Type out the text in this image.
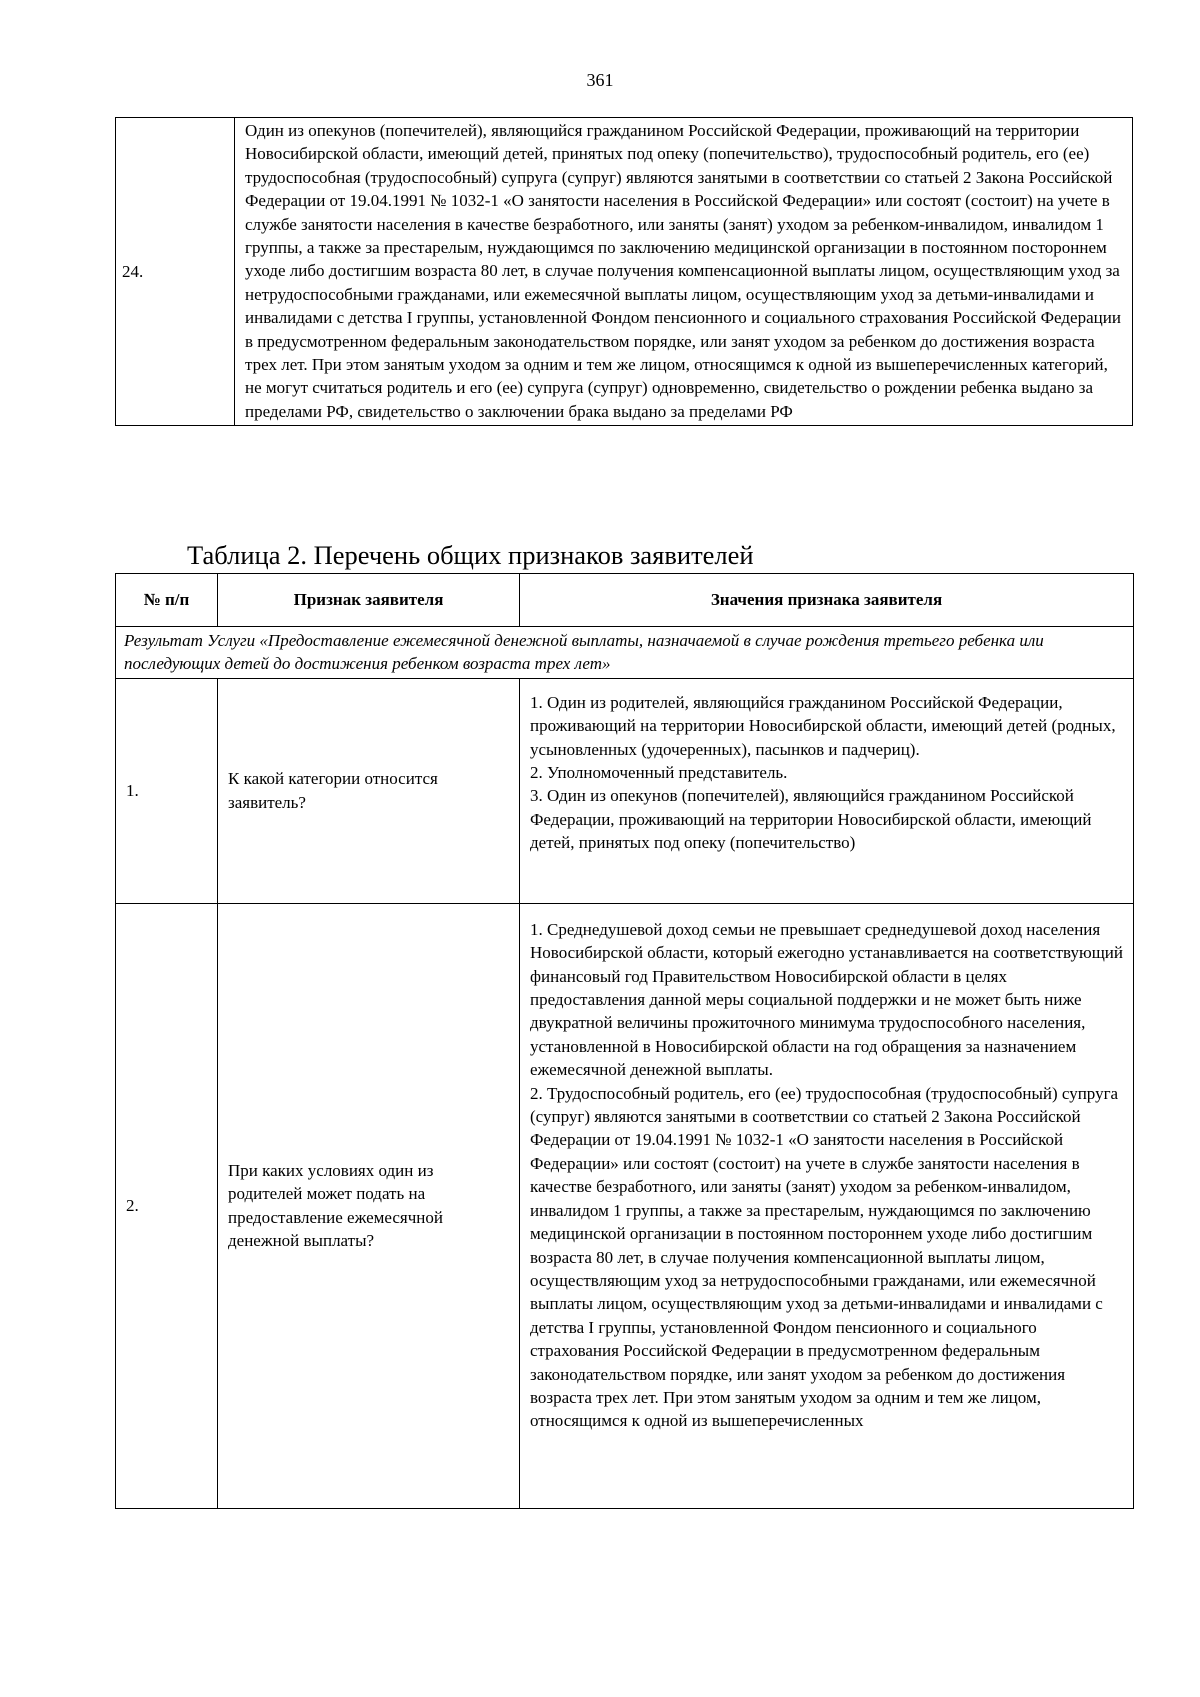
361
24.	Один из опекунов (попечителей), являющийся гражданином Российской Федерации, проживающий на территории Новосибирской области, имеющий детей, принятых под опеку (попечительство), трудоспособный родитель, его (ее) трудоспособная (трудоспособный) супруга (супруг) являются занятыми в соответствии со статьей 2 Закона Российской Федерации от 19.04.1991 № 1032-1 «О занятости населения в Российской Федерации» или состоят (состоит) на учете в службе занятости населения в качестве безработного, или заняты (занят) уходом за ребенком-инвалидом, инвалидом 1 группы, а также за престарелым, нуждающимся по заключению медицинской организации в постоянном постороннем уходе либо достигшим возраста 80 лет, в случае получения компенсационной выплаты лицом, осуществляющим уход за нетрудоспособными гражданами, или ежемесячной выплаты лицом, осуществляющим уход за детьми-инвалидами и инвалидами с детства I группы, установленной Фондом пенсионного и социального страхования Российской Федерации в предусмотренном федеральным законодательством порядке, или занят уходом за ребенком до достижения возраста трех лет. При этом занятым уходом за одним и тем же лицом, относящимся к одной из вышеперечисленных категорий, не могут считаться родитель и его (ее) супруга (супруг) одновременно, свидетельство о рождении ребенка выдано за пределами РФ, свидетельство о заключении брака выдано за пределами РФ
Таблица 2. Перечень общих признаков заявителей
№ п/п	Признак заявителя	Значения признака заявителя
Результат Услуги «Предоставление ежемесячной денежной выплаты, назначаемой в случае рождения третьего ребенка или последующих детей до достижения ребенком возраста трех лет»		
1.	К какой категории относится заявитель?	1. Один из родителей, являющийся гражданином Российской Федерации, проживающий на территории Новосибирской области, имеющий детей (родных, усыновленных (удочеренных), пасынков и падчериц).
2. Уполномоченный представитель.
3. Один из опекунов (попечителей), являющийся гражданином Российской Федерации, проживающий на территории Новосибирской области, имеющий детей, принятых под опеку (попечительство)

2.	При каких условиях один из родителей может подать на предоставление ежемесячной денежной выплаты?	1. Среднедушевой доход семьи не превышает среднедушевой доход населения Новосибирской области, который ежегодно устанавливается на соответствующий финансовый год Правительством Новосибирской области в целях предоставления данной меры социальной поддержки и не может быть ниже двукратной величины прожиточного минимума трудоспособного населения, установленной в Новосибирской области на год обращения за назначением ежемесячной денежной выплаты.
2. Трудоспособный родитель, его (ее) трудоспособная (трудоспособный) супруга (супруг) являются занятыми в соответствии со статьей 2 Закона Российской Федерации от 19.04.1991 № 1032-1 «О занятости населения в Российской Федерации» или состоят (состоит) на учете в службе занятости населения в качестве безработного, или заняты (занят) уходом за ребенком-инвалидом, инвалидом 1 группы, а также за престарелым, нуждающимся по заключению медицинской организации в постоянном постороннем уходе либо достигшим возраста 80 лет, в случае получения компенсационной выплаты лицом, осуществляющим уход за нетрудоспособными гражданами, или ежемесячной выплаты лицом, осуществляющим уход за детьми-инвалидами и инвалидами с детства I группы, установленной Фондом пенсионного и социального страхования Российской Федерации в предусмотренном федеральным законодательством порядке, или занят уходом за ребенком до достижения возраста трех лет. При этом занятым уходом за одним и тем же лицом, относящимся к одной из вышеперечисленных
